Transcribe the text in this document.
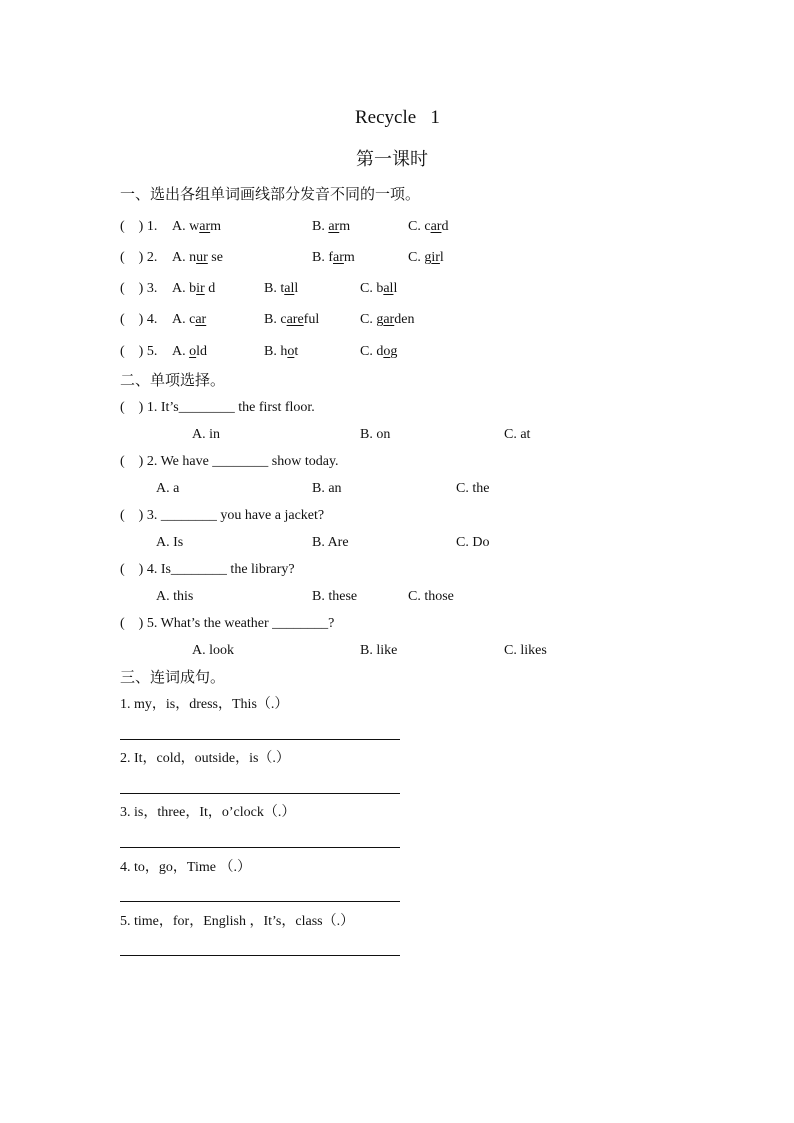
Recycle   1
第一课时
一、选出各组单词画线部分发音不同的一项。
(    ) 1. A. warm	B. arm	C. card
(    ) 2. A. nur se	B. farm	C. girl
(    ) 3. A. bir d	B. tall	C. ball
(    ) 4. A. car	B. careful	C. garden
(    ) 5. A. old	B. hot	C. dog
二、单项选择。
(    ) 1. It’s________ the first floor.
A. in	B. on	C. at
(    ) 2. We have ________ show today.
A. a	B. an	C. the
(    ) 3. ________ you have a jacket?
A. Is	B. Are	C. Do
(    ) 4. Is________ the library?
A. this	B. these	C. those
(    ) 5. What’s the weather ________?
A. look	B. like	C. likes
三、连词成句。
1. my，is，dress，This（.）
2. It，cold，outside，is（.）
3. is，three，It，o’clock（.）
4. to，go，Time （.）
5. time，for，English ，It’s，class（.）
